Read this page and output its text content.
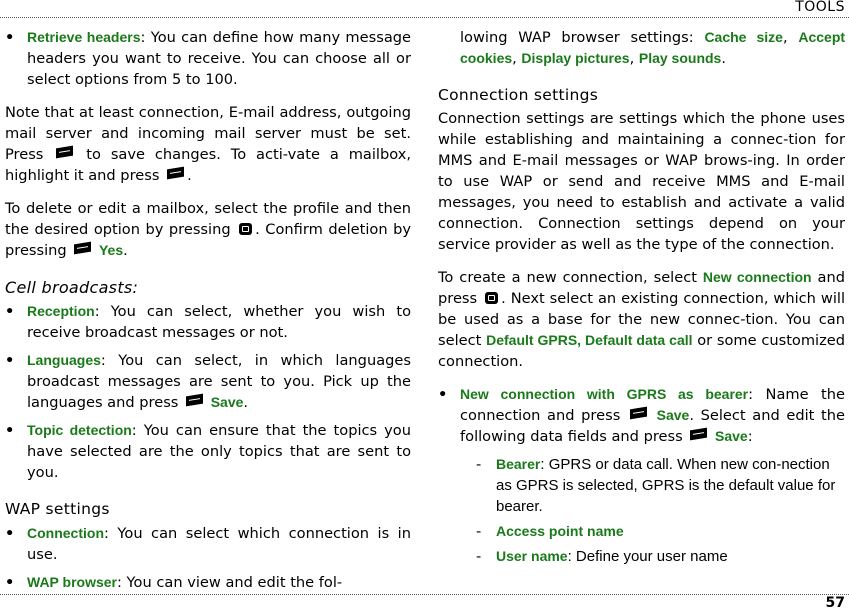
TOOLS
• Retrieve headers: You can define how many message headers you want to receive. You can choose all or select options from 5 to 100.

Note that at least connection, E-mail address, outgoing mail server and incoming mail server must be set. Press	to save changes. To acti-vate a mailbox, highlight it and press .

To delete or edit a mailbox, select the profile and then the desired option by pressing . Confirm deletion by pressing Yes.

Cell broadcasts:
• Reception: You can select, whether you wish to receive broadcast messages or not.
• Languages: You can select, in which languages broadcast messages are sent to you. Pick up the languages and press Save.
• Topic detection: You can ensure that the topics you have selected are the only topics that are sent to you.
WAP settings
• Connection: You can select which connection is in use.
• WAP browser: You can view and edit the fol-

lowing WAP browser settings: Cache size, Accept cookies, Display pictures, Play sounds.

Connection settings

Connection settings are settings which the phone uses while establishing and maintaining a connec-tion for MMS and E-mail messages or WAP brows-ing. In order to use WAP or send and receive MMS and E-mail messages, you need to establish and activate a valid connection. Connection settings depend on your service provider as well as the type of the connection.

To create a new connection, select New connection and press . Next select an existing connection, which will be used as a base for the new connec-tion. You can select Default GPRS, Default data call or some customized connection.

• New connection with GPRS as bearer: Name the connection and press	Save. Select and edit the following data fields and press Save:
- Bearer: GPRS or data call. When new con-nection as GPRS is selected, GPRS is the default value for bearer.
- Access point name
- User name: Define your user name
57
